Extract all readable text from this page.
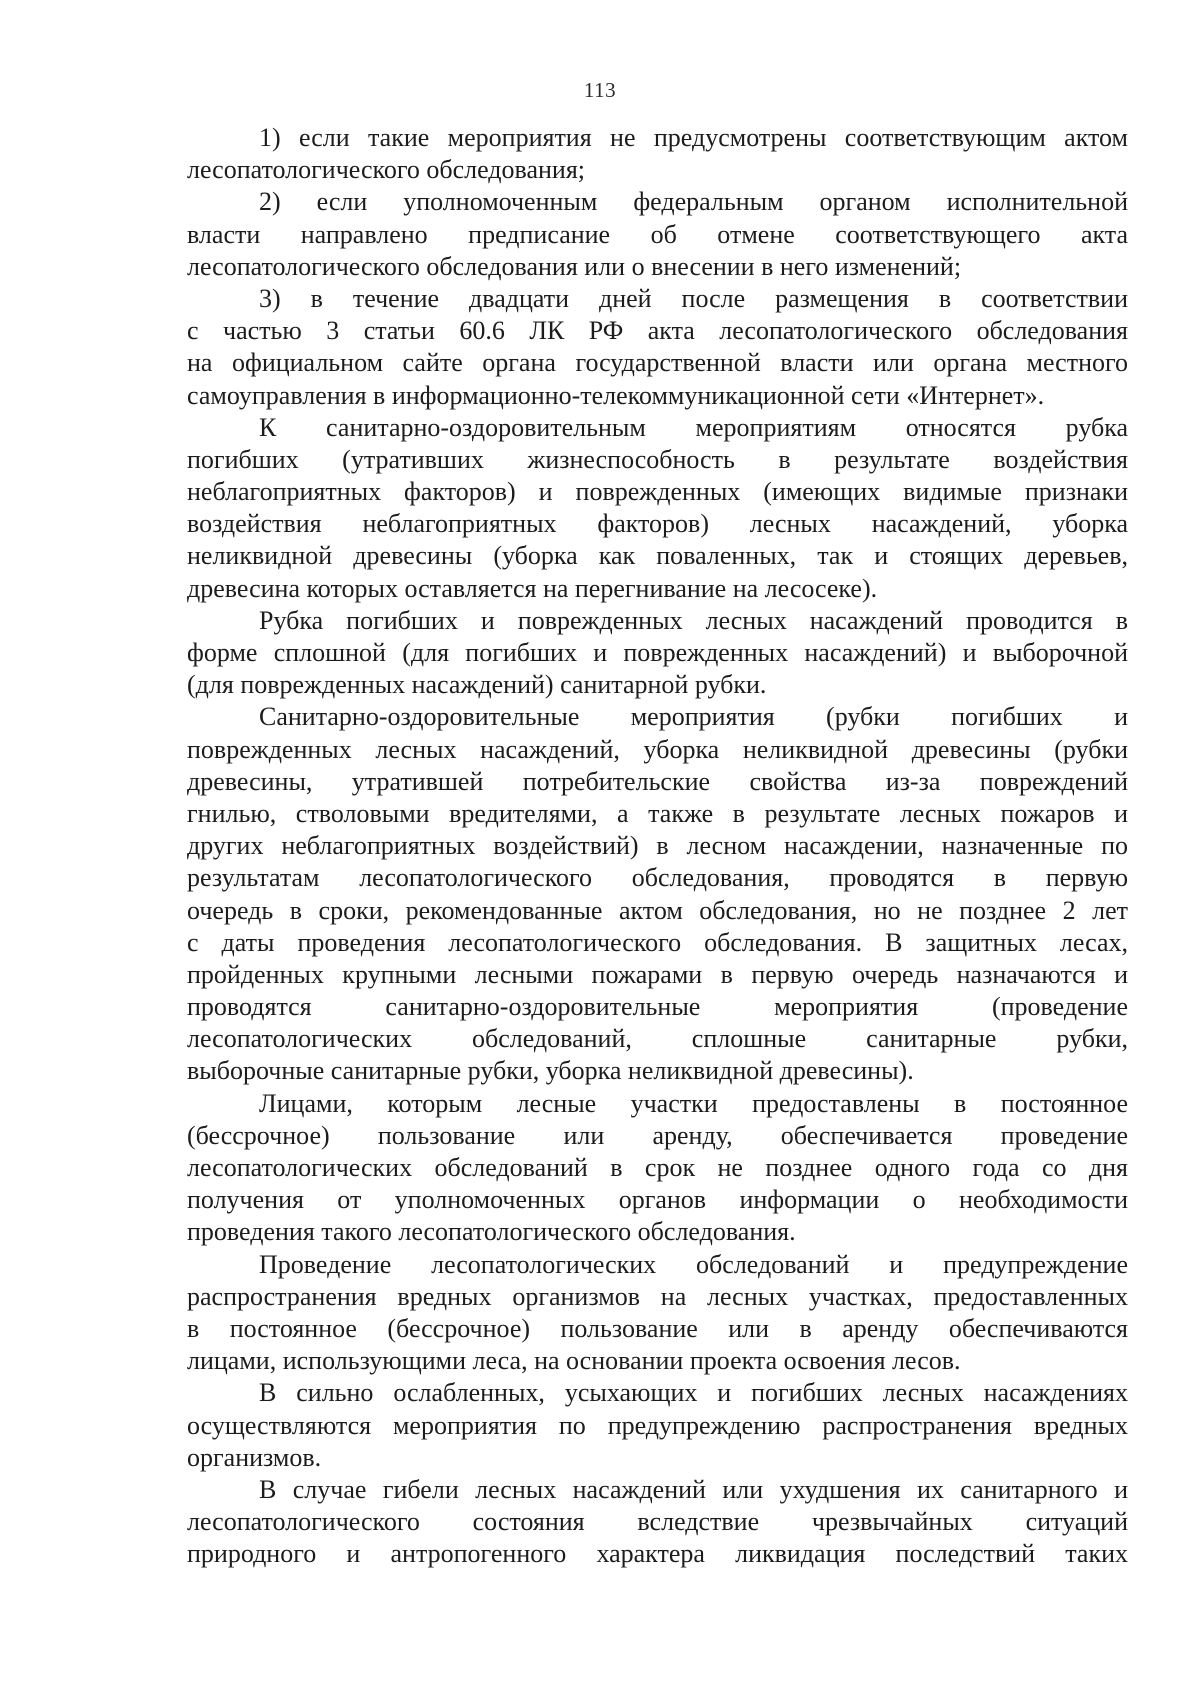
113
1) если такие мероприятия не предусмотрены соответствующим актом
лесопатологического обследования;
2) если уполномоченным федеральным органом исполнительной
власти направлено предписание об отмене соответствующего акта
лесопатологического обследования или о внесении в него изменений;
3) в течение двадцати дней после размещения в соответствии
с частью 3 статьи 60.6 ЛК РФ акта лесопатологического обследования
на официальном сайте органа государственной власти или органа местного
самоуправления в информационно-телекоммуникационной сети «Интернет».
К санитарно-оздоровительным мероприятиям относятся рубка
погибших (утративших жизнеспособность в результате воздействия
неблагоприятных факторов) и поврежденных (имеющих видимые признаки
воздействия неблагоприятных факторов) лесных насаждений, уборка
неликвидной древесины (уборка как поваленных, так и стоящих деревьев,
древесина которых оставляется на перегнивание на лесосеке).
Рубка погибших и поврежденных лесных насаждений проводится в
форме сплошной (для погибших и поврежденных насаждений) и выборочной
(для поврежденных насаждений) санитарной рубки.
Санитарно-оздоровительные мероприятия (рубки погибших и
поврежденных лесных насаждений, уборка неликвидной древесины (рубки
древесины, утратившей потребительские свойства из-за повреждений
гнилью, стволовыми вредителями, а также в результате лесных пожаров и
других неблагоприятных воздействий) в лесном насаждении, назначенные по
результатам лесопатологического обследования, проводятся в первую
очередь в сроки, рекомендованные актом обследования, но не позднее 2 лет
с даты проведения лесопатологического обследования. В защитных лесах,
пройденных крупными лесными пожарами в первую очередь назначаются и
проводятся санитарно-оздоровительные мероприятия (проведение
лесопатологических обследований, сплошные санитарные рубки,
выборочные санитарные рубки, уборка неликвидной древесины).
Лицами, которым лесные участки предоставлены в постоянное
(бессрочное) пользование или аренду, обеспечивается проведение
лесопатологических обследований в срок не позднее одного года со дня
получения от уполномоченных органов информации о необходимости
проведения такого лесопатологического обследования.
Проведение лесопатологических обследований и предупреждение
распространения вредных организмов на лесных участках, предоставленных
в постоянное (бессрочное) пользование или в аренду обеспечиваются
лицами, использующими леса, на основании проекта освоения лесов.
В сильно ослабленных, усыхающих и погибших лесных насаждениях
осуществляются мероприятия по предупреждению распространения вредных
организмов.
В случае гибели лесных насаждений или ухудшения их санитарного и
лесопатологического состояния вследствие чрезвычайных ситуаций
природного и антропогенного характера ликвидация последствий таких
